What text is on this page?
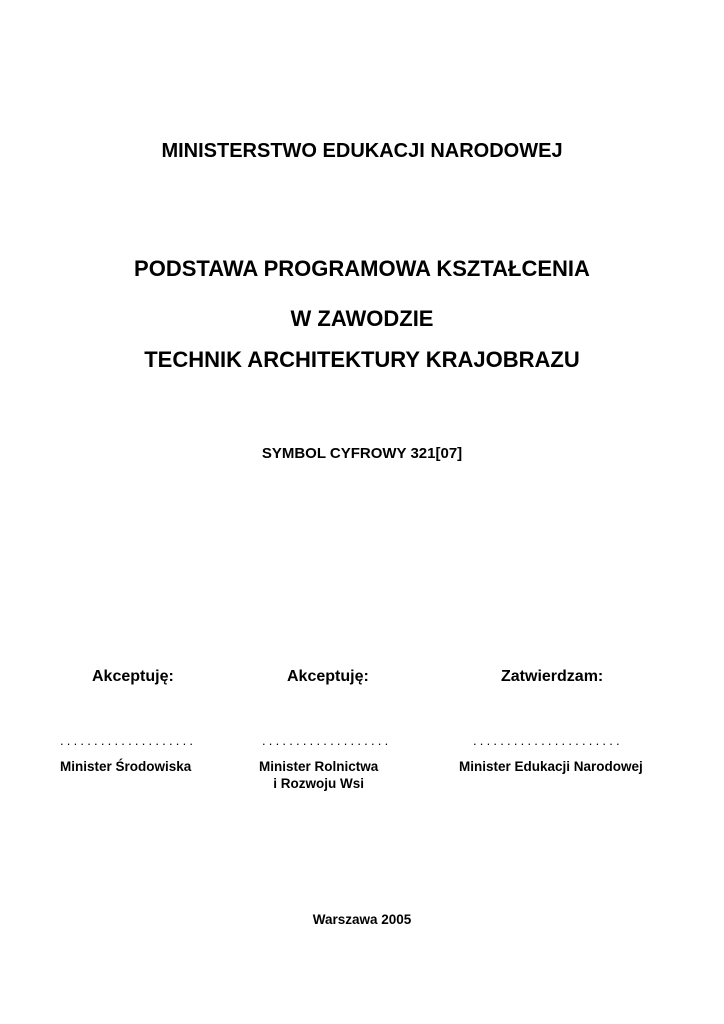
MINISTERSTWO EDUKACJI NARODOWEJ
PODSTAWA PROGRAMOWA KSZTAŁCENIA
W ZAWODZIE
TECHNIK ARCHITEKTURY KRAJOBRAZU
SYMBOL CYFROWY 321[07]
Akceptuję:
....................
Minister Środowiska
Akceptuję:
...................
Minister Rolnictwa
i Rozwoju Wsi
Zatwierdzam:
......................
Minister Edukacji Narodowej
Warszawa 2005
